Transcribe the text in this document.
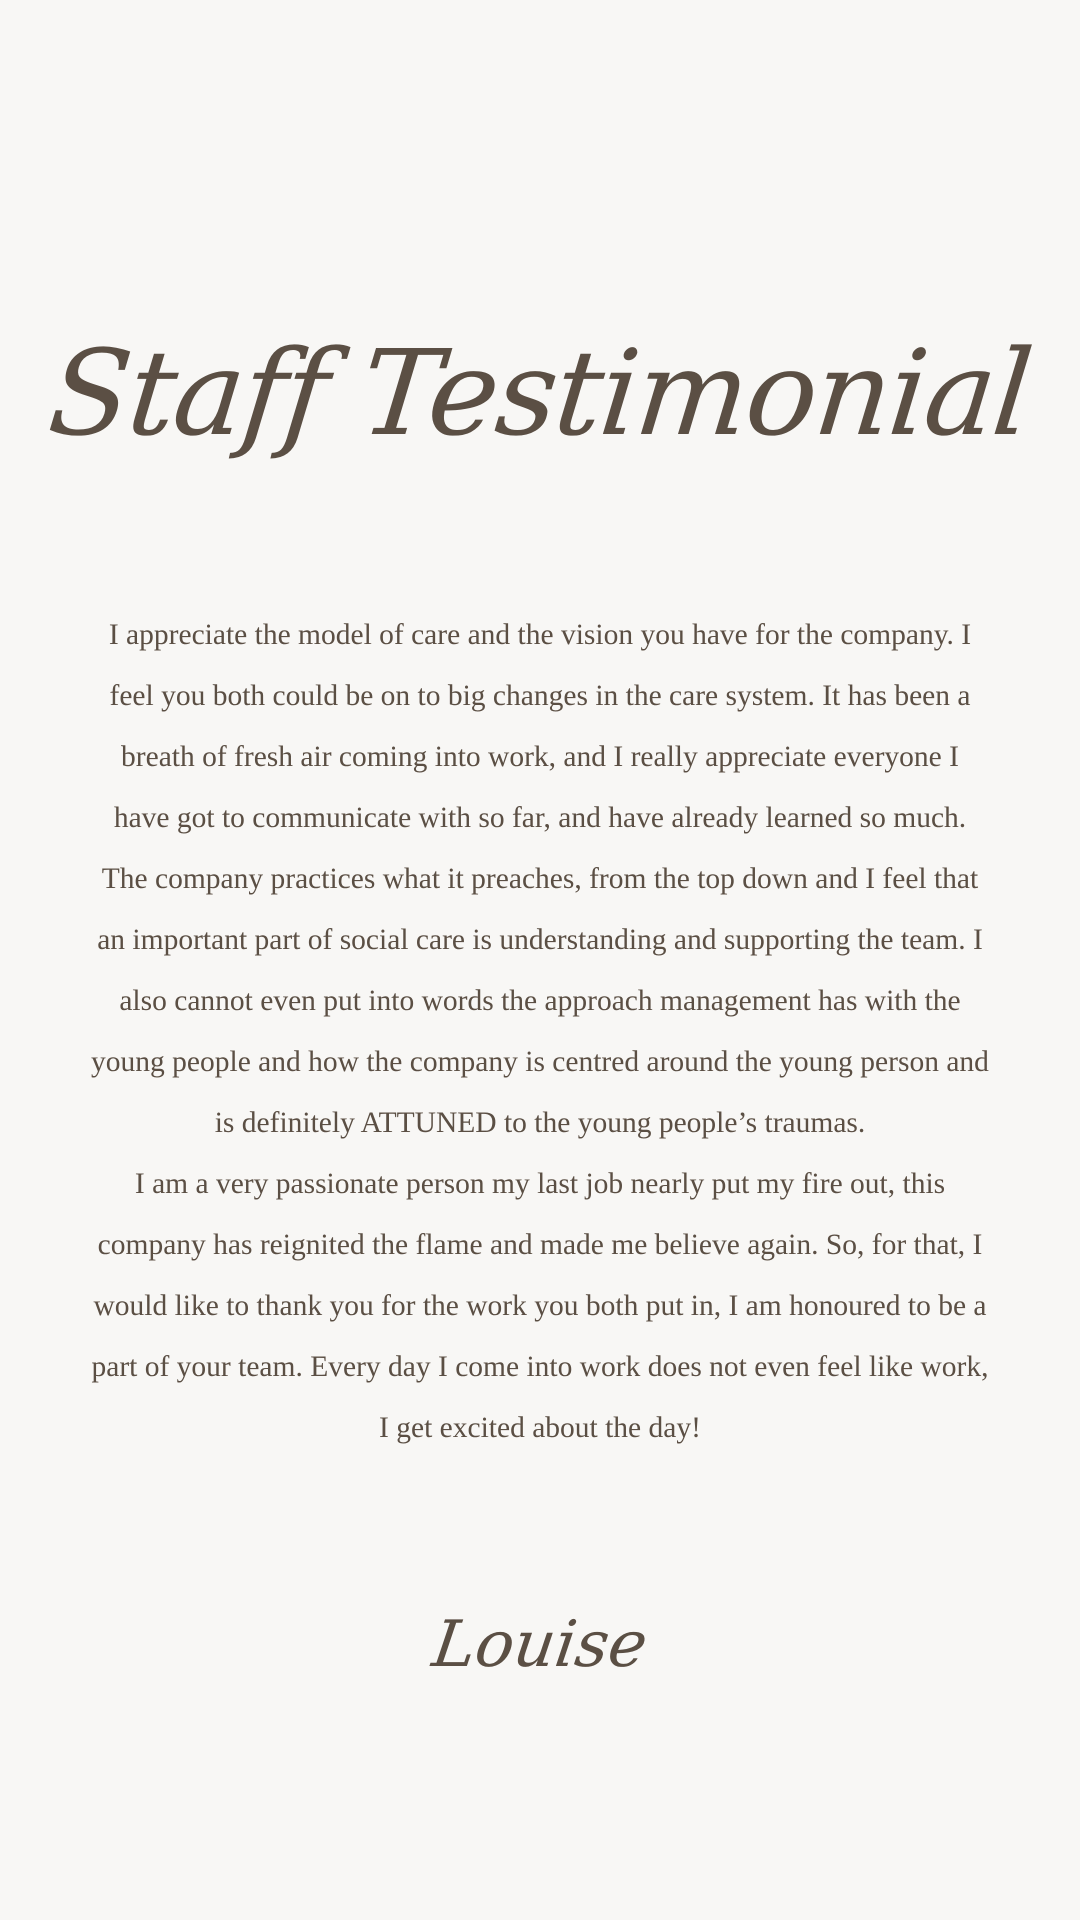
Staff Testimonial

I appreciate the model of care and the vision you have for the company. I feel you both could be on to big changes in the care system. It has been a breath of fresh air coming into work, and I really appreciate everyone I have got to communicate with so far, and have already learned so much.

The company practices what it preaches, from the top down and I feel that an important part of social care is understanding and supporting the team. I also cannot even put into words the approach management has with the young people and how the company is centred around the young person and is definitely ATTUNED to the young people’s traumas.

I am a very passionate person my last job nearly put my fire out, this company has reignited the flame and made me believe again. So, for that, I would like to thank you for the work you both put in, I am honoured to be a part of your team. Every day I come into work does not even feel like work, I get excited about the day!

Louise
